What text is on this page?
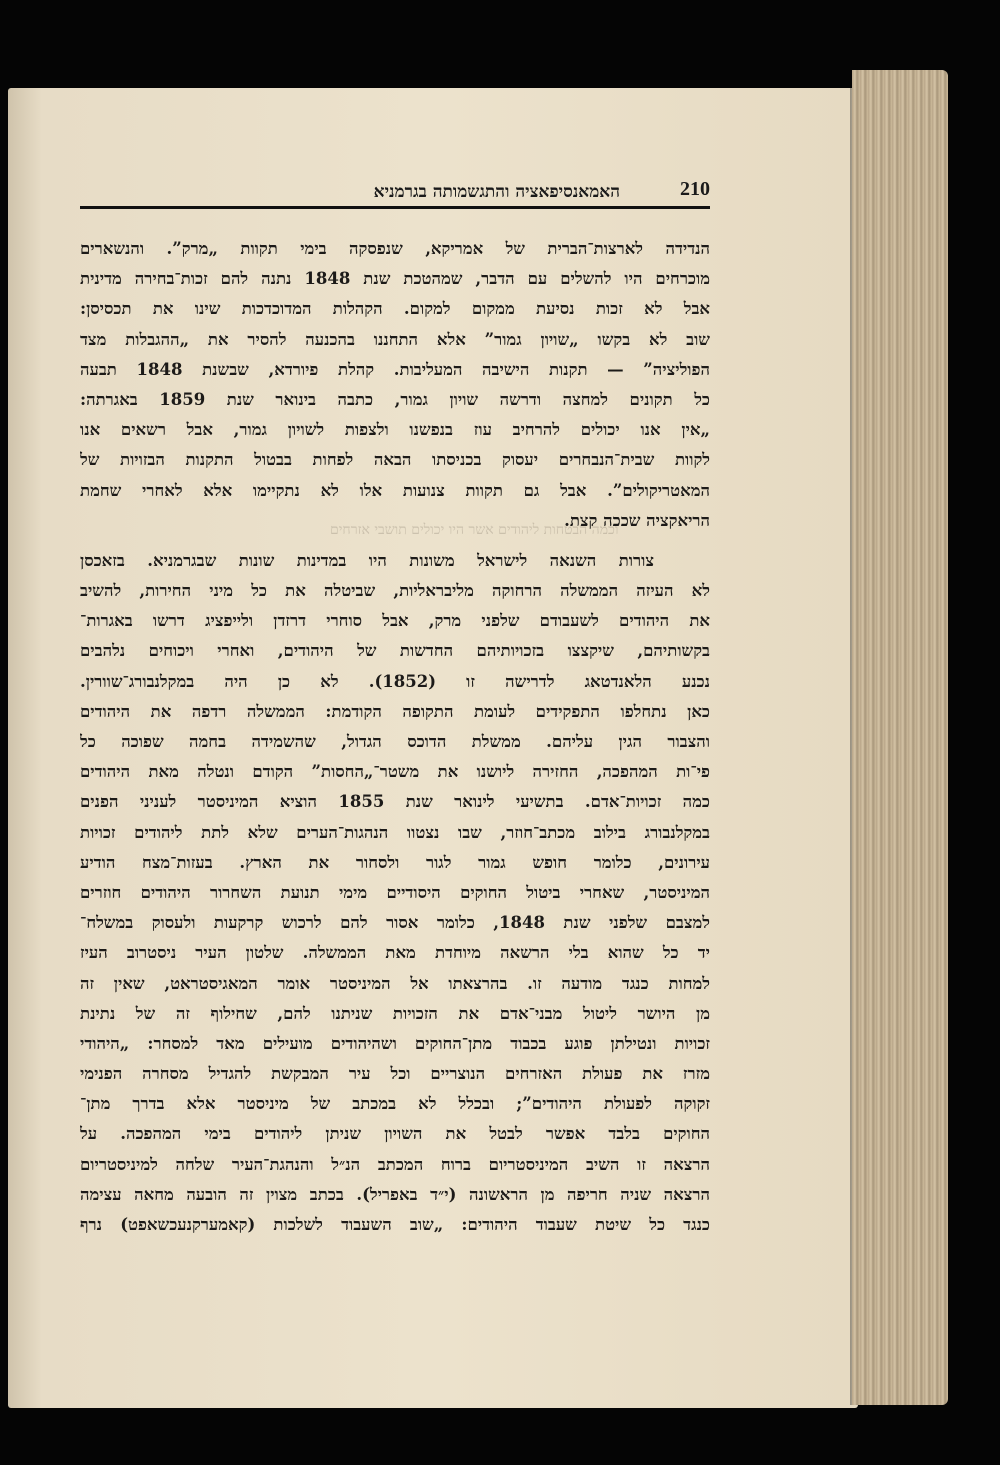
האמאנסיפאציה והתגשמותה בגרמניא	210
וכמה הבטחות ליהודים אשר היו יכולים תושבי אזרחים
הנדידה לארצות־הברית של אמריקא, שנפסקה בימי תקוות „מרק”. והנשארים
מוכרחים היו להשלים עם הדבר, שמהטכת שנת 1848 נתנה להם זכות־בחירה מדינית
אבל לא זכות נסיעת ממקום למקום. הקהלות המדוכדכות שינו את תכסיסן:
שוב לא בקשו „שויון גמור” אלא התחננו בהכנעה להסיר את „ההגבלות מצד
הפוליציה” — תקנות הישיבה המעליבות. קהלת פיורדא, שבשנת 1848 תבעה
כל תקונים למחצה ודרשה שויון גמור, כתבה בינואר שנת 1859 באגרתה:
„אין אנו יכולים להרחיב עוז בנפשנו ולצפות לשויון גמור, אבל רשאים אנו
לקוות שבית־הנבחרים יעסוק בכניסתו הבאה לפחות בבטול התקנות הבזויות של
המאטריקולים”. אבל גם תקוות צנועות אלו לא נתקיימו אלא לאחרי שחמת
הריאקציה שככה קצת.
צורות השנאה לישראל משונות היו במדינות שונות שבגרמניא. בזאכסן
לא העיזה הממשלה הרחוקה מליבראליות, שביטלה את כל מיני החירות, להשיב
את היהודים לשעבודם שלפני מרק, אבל סוחרי דרזדן ולייפציג דרשו באגרות־
בקשותיהם, שיקצצו בזכויותיהם החדשות של היהודים, ואחרי ויכוחים נלהבים
נכנע הלאנדטאג לדרישה זו (1852). לא כן היה במקלנבורג־שוורין.
כאן נתחלפו התפקידים לעומת התקופה הקודמת: הממשלה רדפה את היהודים
והצבור הגין עליהם. ממשלת הדוכס הגדול, שהשמידה בחמה שפוכה כל
פי־ות המהפכה, החזירה ליושנו את משטר־„החסות” הקודם ונטלה מאת היהודים
כמה זכויות־אדם. בתשיעי לינואר שנת 1855 הוציא המיניסטר לעניני הפנים
במקלנבורג בילוב מכתב־חוזר, שבו נצטוו הנהגות־הערים שלא לתת ליהודים זכויות
עירונים, כלומר חופש גמור לגור ולסחור את הארץ. בעזות־מצח הודיע
המיניסטר, שאחרי ביטול החוקים היסודיים מימי תנועת השחרור היהודים חוזרים
למצבם שלפני שנת 1848, כלומר אסור להם לרכוש קרקעות ולעסוק במשלח־
יד כל שהוא בלי הרשאה מיוחדת מאת הממשלה. שלטון העיר ניסטרוב העיז
למחות כנגד מודעה זו. בהרצאתו אל המיניסטר אומר המאגיסטראט, שאין זה
מן היושר ליטול מבני־אדם את הזכויות שניתנו להם, שחילוף זה של נתינת
זכויות ונטילתן פוגע בכבוד מתן־החוקים ושהיהודים מועילים מאד למסחר: „היהודי
מזרז את פעולת האזרחים הנוצריים וכל עיר המבקשת להגדיל מסחרה הפנימי
זקוקה לפעולת היהודים”; ובכלל לא במכתב של מיניסטר אלא בדרך מתן־
החוקים בלבד אפשר לבטל את השויון שניתן ליהודים בימי המהפכה. על
הרצאה זו השיב המיניסטריום ברוח המכתב הנ״ל והנהגת־העיר שלחה למיניסטריום
הרצאה שניה חריפה מן הראשונה (י״ד באפריל). בכתב מצוין זה הובעה מחאה עצימה
כנגד כל שיטת שעבוד היהודים: „שוב השעבוד לשלכות (קאמערקנעכשאפט) נרף
